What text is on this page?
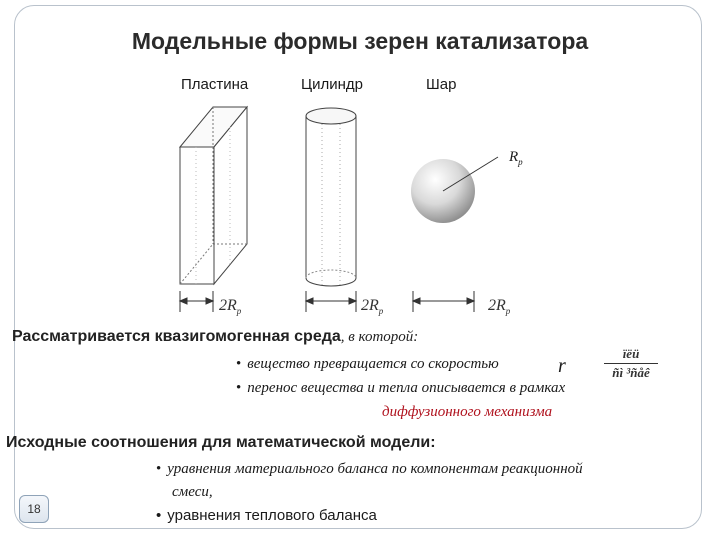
Модельные формы зерен катализатора
Пластина	Цилиндр	Шар
$R_p$
$2R_p$	$2R_p$	$2R_p$
Рассматривается квазигомогенная среда, в которой:
• вещество превращается со скоростью	r
ïëü
ñì ³ñåê
• перенос вещества и тепла описывается в рамках
диффузионного механизма
Исходные соотношения для математической модели:
• уравнения материального баланса по компонентам реакционной
смеси,
• уравнения теплового баланса
18
